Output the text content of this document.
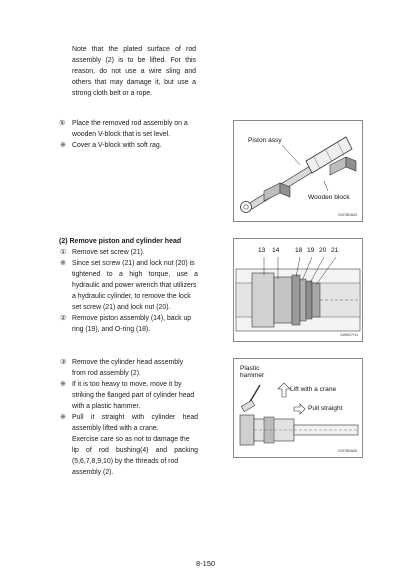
Note that the plated surface of rod
assembly (2) is to be lifted. For this
reason, do not use a wire sling and
others that may damage it, but use a
strong cloth belt or a rope.
⑤ Place the removed rod assembly on a
wooden V-block that is set level.
※ Cover a V-block with soft rag.
Piston assy
Wooden block
21078DA03
(2) Remove piston and cylinder head
① Remove set screw (21).
※ Since set screw (21) and lock nut (20) is
tightened to a high torque, use a
hydraulic and power wrench that utilizers
a hydraulic cylinder, to remove the lock
set screw (21) and lock nut (20).
② Remove piston assembly (14), back up
ring (19), and O-ring (18).
13 14 18 19 20 21
14W9CY11
③ Remove the cylinder head assembly
from rod assembly (2).
※ If it is too heavy to move, move it by
striking the flanged part of cylinder head
with a plastic hammer.
※ Pull it straight with cylinder head
assembly lifted with a crane.
Exercise care so as not to damage the
lip of rod bushing(4) and packing
(5,6,7,8,9,10) by the threads of rod
assembly (2).
Plastic
hammer
Lift with a crane
Pull straight
21078DA05
8-150
